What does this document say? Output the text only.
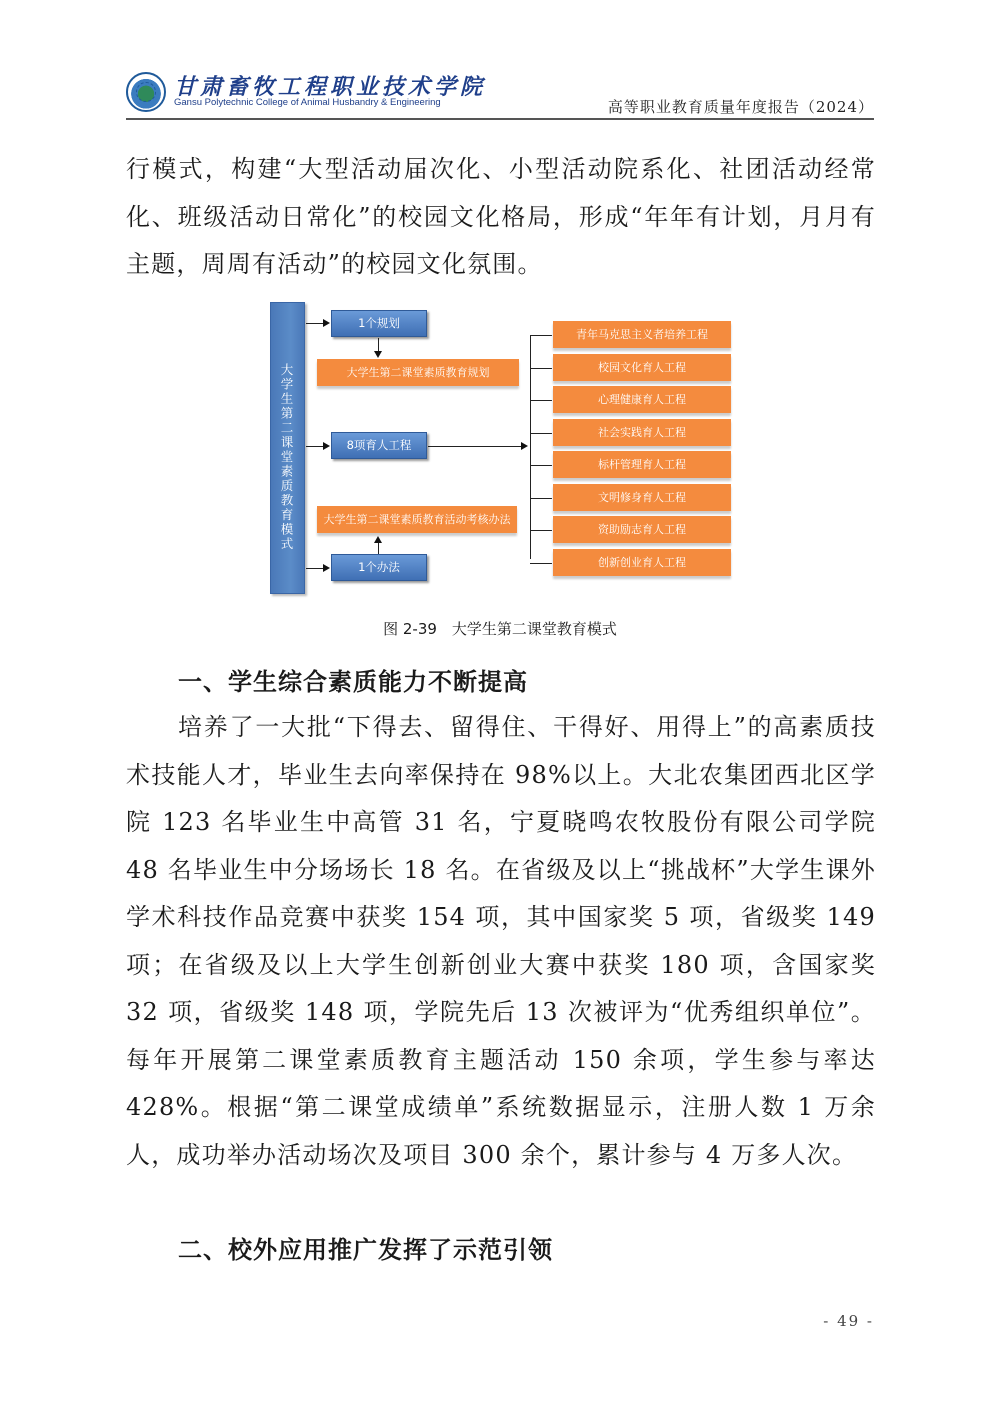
甘肃畜牧工程职业技术学院
Gansu Polytechnic College of Animal Husbandry & Engineering	高等职业教育质量年度报告（2024）

行模式，构建“大型活动届次化、小型活动院系化、社团活动经常化、班级活动日常化”的校园文化格局，形成“年年有计划，月月有主题，周周有活动”的校园文化氛围。

大学生第二课堂素质教育模式
1个规划
大学生第二课堂素质教育规划
8项育人工程
大学生第二课堂素质教育活动考核办法
1个办法
青年马克思主义者培养工程
校园文化育人工程
心理健康育人工程
社会实践育人工程
标杆管理育人工程
文明修身育人工程
资助励志育人工程
创新创业育人工程
图 2-39　大学生第二课堂教育模式
一、学生综合素质能力不断提高

培养了一大批“下得去、留得住、干得好、用得上”的高素质技术技能人才，毕业生去向率保持在 98%以上。大北农集团西北区学院 123 名毕业生中高管 31 名，宁夏晓鸣农牧股份有限公司学院 48 名毕业生中分场场长 18 名。在省级及以上“挑战杯”大学生课外学术科技作品竞赛中获奖 154 项，其中国家奖 5 项，省级奖 149 项；在省级及以上大学生创新创业大赛中获奖 180 项，含国家奖 32 项，省级奖 148 项，学院先后 13 次被评为“优秀组织单位”。每年开展第二课堂素质教育主题活动 150 余项，学生参与率达 428%。根据“第二课堂成绩单”系统数据显示，注册人数 1 万余人，成功举办活动场次及项目 300 余个，累计参与 4 万多人次。

二、校外应用推广发挥了示范引领
- 49 -
